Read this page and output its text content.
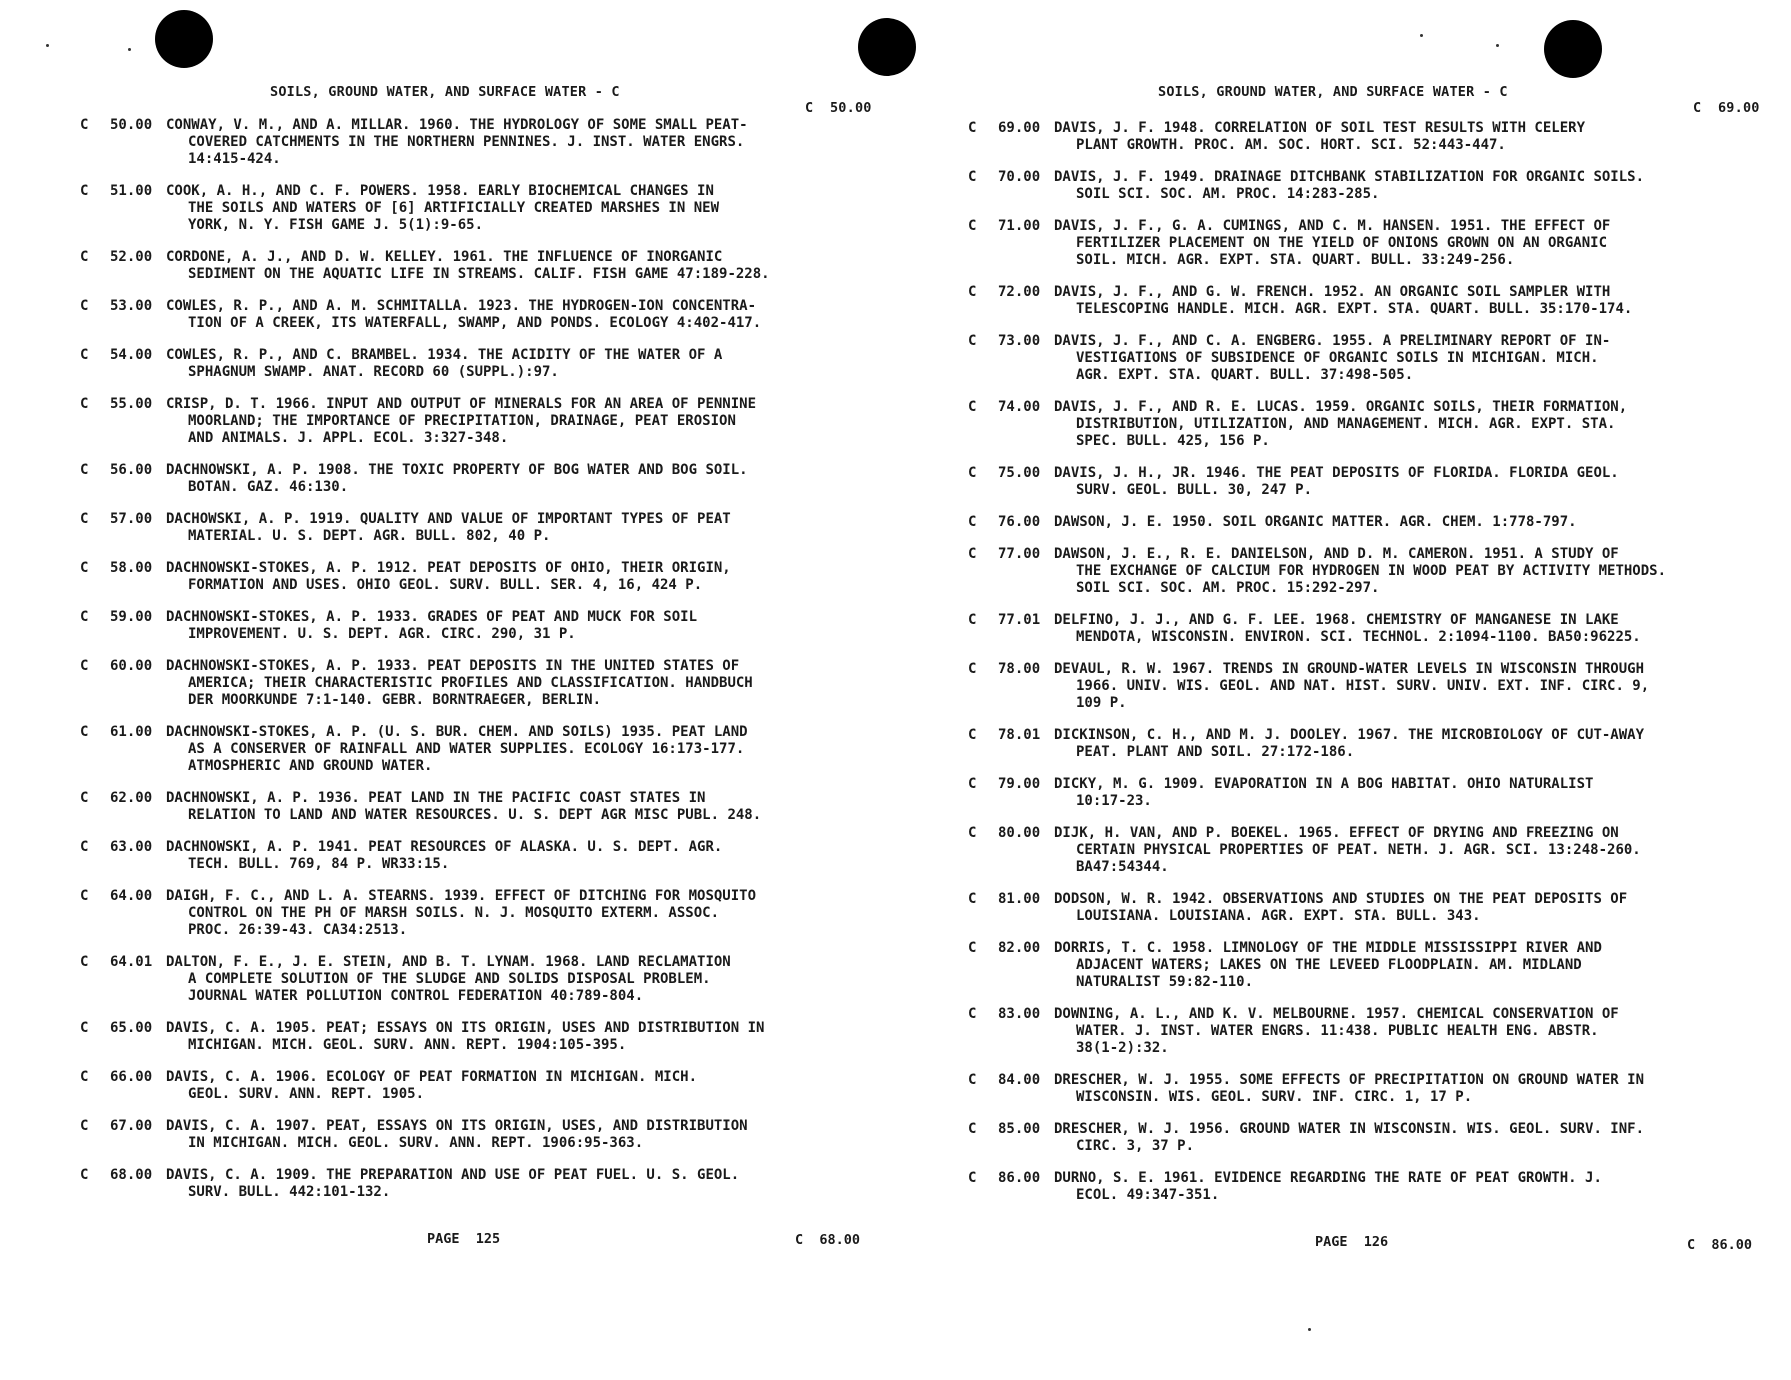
SOILS, GROUND WATER, AND SURFACE WATER - C

C  50.00

C	50.00 CONWAY, V. M., AND A. MILLAR. 1960. THE HYDROLOGY OF SOME SMALL PEAT-
COVERED CATCHMENTS IN THE NORTHERN PENNINES. J. INST. WATER ENGRS.
14:415-424.
C	51.00 COOK, A. H., AND C. F. POWERS. 1958. EARLY BIOCHEMICAL CHANGES IN
THE SOILS AND WATERS OF [6] ARTIFICIALLY CREATED MARSHES IN NEW
YORK, N. Y. FISH GAME J. 5(1):9-65.
C	52.00 CORDONE, A. J., AND D. W. KELLEY. 1961. THE INFLUENCE OF INORGANIC
SEDIMENT ON THE AQUATIC LIFE IN STREAMS. CALIF. FISH GAME 47:189-228.
C	53.00 COWLES, R. P., AND A. M. SCHMITALLA. 1923. THE HYDROGEN-ION CONCENTRA-
TION OF A CREEK, ITS WATERFALL, SWAMP, AND PONDS. ECOLOGY 4:402-417.
C	54.00 COWLES, R. P., AND C. BRAMBEL. 1934. THE ACIDITY OF THE WATER OF A
SPHAGNUM SWAMP. ANAT. RECORD 60 (SUPPL.):97.
C	55.00 CRISP, D. T. 1966. INPUT AND OUTPUT OF MINERALS FOR AN AREA OF PENNINE
MOORLAND; THE IMPORTANCE OF PRECIPITATION, DRAINAGE, PEAT EROSION
AND ANIMALS. J. APPL. ECOL. 3:327-348.
C	56.00 DACHNOWSKI, A. P. 1908. THE TOXIC PROPERTY OF BOG WATER AND BOG SOIL.
BOTAN. GAZ. 46:130.
C	57.00 DACHOWSKI, A. P. 1919. QUALITY AND VALUE OF IMPORTANT TYPES OF PEAT
MATERIAL. U. S. DEPT. AGR. BULL. 802, 40 P.
C	58.00 DACHNOWSKI-STOKES, A. P. 1912. PEAT DEPOSITS OF OHIO, THEIR ORIGIN,
FORMATION AND USES. OHIO GEOL. SURV. BULL. SER. 4, 16, 424 P.
C	59.00 DACHNOWSKI-STOKES, A. P. 1933. GRADES OF PEAT AND MUCK FOR SOIL
IMPROVEMENT. U. S. DEPT. AGR. CIRC. 290, 31 P.
C	60.00 DACHNOWSKI-STOKES, A. P. 1933. PEAT DEPOSITS IN THE UNITED STATES OF
AMERICA; THEIR CHARACTERISTIC PROFILES AND CLASSIFICATION. HANDBUCH
DER MOORKUNDE 7:1-140. GEBR. BORNTRAEGER, BERLIN.
C	61.00 DACHNOWSKI-STOKES, A. P. (U. S. BUR. CHEM. AND SOILS) 1935. PEAT LAND
AS A CONSERVER OF RAINFALL AND WATER SUPPLIES. ECOLOGY 16:173-177.
ATMOSPHERIC AND GROUND WATER.
C	62.00 DACHNOWSKI, A. P. 1936. PEAT LAND IN THE PACIFIC COAST STATES IN
RELATION TO LAND AND WATER RESOURCES. U. S. DEPT AGR MISC PUBL. 248.
C	63.00 DACHNOWSKI, A. P. 1941. PEAT RESOURCES OF ALASKA. U. S. DEPT. AGR.
TECH. BULL. 769, 84 P. WR33:15.
C	64.00 DAIGH, F. C., AND L. A. STEARNS. 1939. EFFECT OF DITCHING FOR MOSQUITO
CONTROL ON THE PH OF MARSH SOILS. N. J. MOSQUITO EXTERM. ASSOC.
PROC. 26:39-43. CA34:2513.
C	64.01 DALTON, F. E., J. E. STEIN, AND B. T. LYNAM. 1968. LAND RECLAMATION
A COMPLETE SOLUTION OF THE SLUDGE AND SOLIDS DISPOSAL PROBLEM.
JOURNAL WATER POLLUTION CONTROL FEDERATION 40:789-804.
C	65.00 DAVIS, C. A. 1905. PEAT; ESSAYS ON ITS ORIGIN, USES AND DISTRIBUTION IN
MICHIGAN. MICH. GEOL. SURV. ANN. REPT. 1904:105-395.
C	66.00 DAVIS, C. A. 1906. ECOLOGY OF PEAT FORMATION IN MICHIGAN. MICH.
GEOL. SURV. ANN. REPT. 1905.
C	67.00 DAVIS, C. A. 1907. PEAT, ESSAYS ON ITS ORIGIN, USES, AND DISTRIBUTION
IN MICHIGAN. MICH. GEOL. SURV. ANN. REPT. 1906:95-363.
C	68.00 DAVIS, C. A. 1909. THE PREPARATION AND USE OF PEAT FUEL. U. S. GEOL.
SURV. BULL. 442:101-132.
PAGE  125	C  68.00

SOILS, GROUND WATER, AND SURFACE WATER - C

C  69.00

C	69.00 DAVIS, J. F. 1948. CORRELATION OF SOIL TEST RESULTS WITH CELERY
PLANT GROWTH. PROC. AM. SOC. HORT. SCI. 52:443-447.
C	70.00 DAVIS, J. F. 1949. DRAINAGE DITCHBANK STABILIZATION FOR ORGANIC SOILS.
SOIL SCI. SOC. AM. PROC. 14:283-285.
C	71.00 DAVIS, J. F., G. A. CUMINGS, AND C. M. HANSEN. 1951. THE EFFECT OF
FERTILIZER PLACEMENT ON THE YIELD OF ONIONS GROWN ON AN ORGANIC
SOIL. MICH. AGR. EXPT. STA. QUART. BULL. 33:249-256.
C	72.00 DAVIS, J. F., AND G. W. FRENCH. 1952. AN ORGANIC SOIL SAMPLER WITH
TELESCOPING HANDLE. MICH. AGR. EXPT. STA. QUART. BULL. 35:170-174.
C	73.00 DAVIS, J. F., AND C. A. ENGBERG. 1955. A PRELIMINARY REPORT OF IN-
VESTIGATIONS OF SUBSIDENCE OF ORGANIC SOILS IN MICHIGAN. MICH.
AGR. EXPT. STA. QUART. BULL. 37:498-505.
C	74.00 DAVIS, J. F., AND R. E. LUCAS. 1959. ORGANIC SOILS, THEIR FORMATION,
DISTRIBUTION, UTILIZATION, AND MANAGEMENT. MICH. AGR. EXPT. STA.
SPEC. BULL. 425, 156 P.
C	75.00 DAVIS, J. H., JR. 1946. THE PEAT DEPOSITS OF FLORIDA. FLORIDA GEOL.
SURV. GEOL. BULL. 30, 247 P.
C	76.00 DAWSON, J. E. 1950. SOIL ORGANIC MATTER. AGR. CHEM. 1:778-797.
C	77.00 DAWSON, J. E., R. E. DANIELSON, AND D. M. CAMERON. 1951. A STUDY OF
THE EXCHANGE OF CALCIUM FOR HYDROGEN IN WOOD PEAT BY ACTIVITY METHODS.
SOIL SCI. SOC. AM. PROC. 15:292-297.
C	77.01 DELFINO, J. J., AND G. F. LEE. 1968. CHEMISTRY OF MANGANESE IN LAKE
MENDOTA, WISCONSIN. ENVIRON. SCI. TECHNOL. 2:1094-1100. BA50:96225.
C	78.00 DEVAUL, R. W. 1967. TRENDS IN GROUND-WATER LEVELS IN WISCONSIN THROUGH
1966. UNIV. WIS. GEOL. AND NAT. HIST. SURV. UNIV. EXT. INF. CIRC. 9,
109 P.
C	78.01 DICKINSON, C. H., AND M. J. DOOLEY. 1967. THE MICROBIOLOGY OF CUT-AWAY
PEAT. PLANT AND SOIL. 27:172-186.
C	79.00 DICKY, M. G. 1909. EVAPORATION IN A BOG HABITAT. OHIO NATURALIST
10:17-23.
C	80.00 DIJK, H. VAN, AND P. BOEKEL. 1965. EFFECT OF DRYING AND FREEZING ON
CERTAIN PHYSICAL PROPERTIES OF PEAT. NETH. J. AGR. SCI. 13:248-260.
BA47:54344.
C	81.00 DODSON, W. R. 1942. OBSERVATIONS AND STUDIES ON THE PEAT DEPOSITS OF
LOUISIANA. LOUISIANA. AGR. EXPT. STA. BULL. 343.
C	82.00 DORRIS, T. C. 1958. LIMNOLOGY OF THE MIDDLE MISSISSIPPI RIVER AND
ADJACENT WATERS; LAKES ON THE LEVEED FLOODPLAIN. AM. MIDLAND
NATURALIST 59:82-110.
C	83.00 DOWNING, A. L., AND K. V. MELBOURNE. 1957. CHEMICAL CONSERVATION OF
WATER. J. INST. WATER ENGRS. 11:438. PUBLIC HEALTH ENG. ABSTR.
38(1-2):32.
C	84.00 DRESCHER, W. J. 1955. SOME EFFECTS OF PRECIPITATION ON GROUND WATER IN
WISCONSIN. WIS. GEOL. SURV. INF. CIRC. 1, 17 P.
C	85.00 DRESCHER, W. J. 1956. GROUND WATER IN WISCONSIN. WIS. GEOL. SURV. INF.
CIRC. 3, 37 P.
C	86.00 DURNO, S. E. 1961. EVIDENCE REGARDING THE RATE OF PEAT GROWTH. J.
ECOL. 49:347-351.
PAGE  126	C  86.00
